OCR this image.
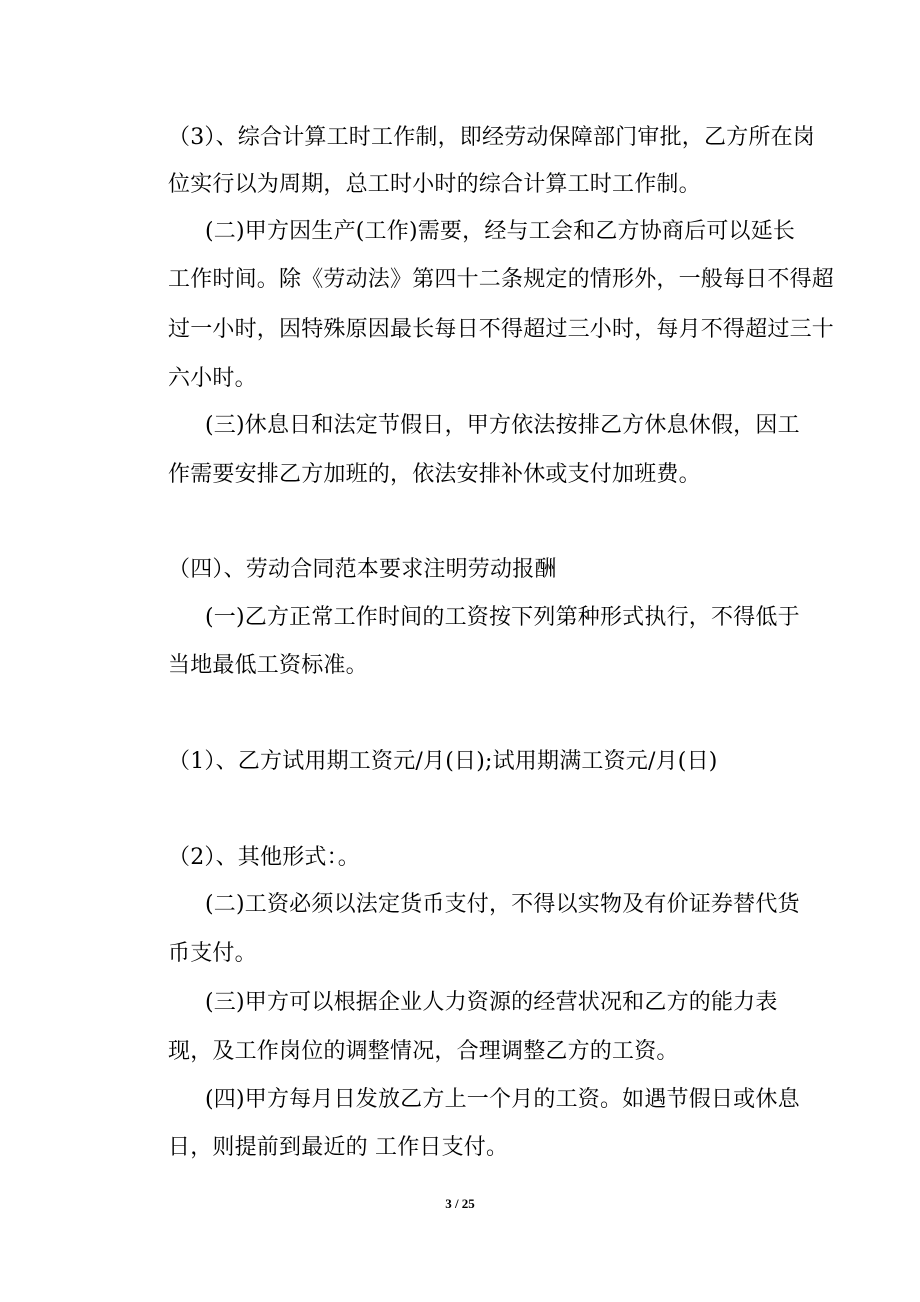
（3）、综合计算工时工作制，即经劳动保障部门审批，乙方所在岗
位实行以为周期，总工时小时的综合计算工时工作制。
(二)甲方因生产(工作)需要，经与工会和乙方协商后可以延长
工作时间。除《劳动法》第四十二条规定的情形外，一般每日不得超
过一小时，因特殊原因最长每日不得超过三小时，每月不得超过三十
六小时。
(三)休息日和法定节假日，甲方依法按排乙方休息休假，因工
作需要安排乙方加班的，依法安排补休或支付加班费。
（四）、劳动合同范本要求注明劳动报酬
(一)乙方正常工作时间的工资按下列第种形式执行，不得低于
当地最低工资标准。
（1）、乙方试用期工资元/月(日);试用期满工资元/月(日)
（2）、其他形式：。
(二)工资必须以法定货币支付，不得以实物及有价证券替代货
币支付。
(三)甲方可以根据企业人力资源的经营状况和乙方的能力表
现，及工作岗位的调整情况，合理调整乙方的工资。
(四)甲方每月日发放乙方上一个月的工资。如遇节假日或休息
日，则提前到最近的 工作日支付。
3 / 25
